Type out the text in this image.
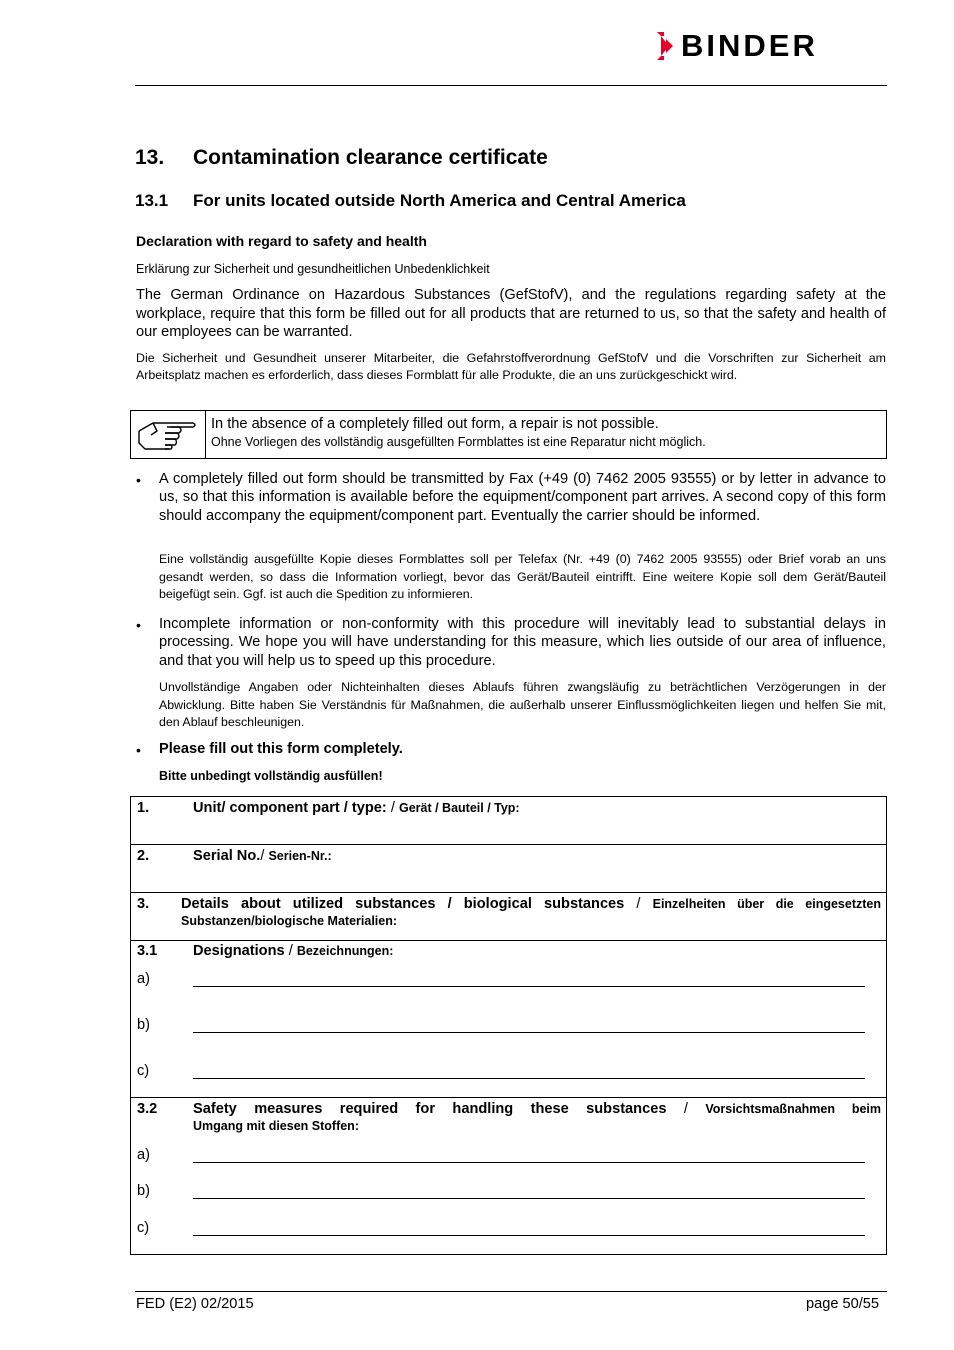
BINDER
13. Contamination clearance certificate
13.1 For units located outside North America and Central America
Declaration with regard to safety and health
Erklärung zur Sicherheit und gesundheitlichen Unbedenklichkeit
The German Ordinance on Hazardous Substances (GefStofV), and the regulations regarding safety at the workplace, require that this form be filled out for all products that are returned to us, so that the safety and health of our employees can be warranted.
Die Sicherheit und Gesundheit unserer Mitarbeiter, die Gefahrstoffverordnung GefStofV und die Vorschriften zur Sicherheit am Arbeitsplatz machen es erforderlich, dass dieses Formblatt für alle Produkte, die an uns zurückgeschickt wird.
In the absence of a completely filled out form, a repair is not possible.
Ohne Vorliegen des vollständig ausgefüllten Formblattes ist eine Reparatur nicht möglich.
• A completely filled out form should be transmitted by Fax (+49 (0) 7462 2005 93555) or by letter in advance to us, so that this information is available before the equipment/component part arrives. A second copy of this form should accompany the equipment/component part. Eventually the carrier should be informed.
Eine vollständig ausgefüllte Kopie dieses Formblattes soll per Telefax (Nr. +49 (0) 7462 2005 93555) oder Brief vorab an uns gesandt werden, so dass die Information vorliegt, bevor das Gerät/Bauteil eintrifft. Eine weitere Kopie soll dem Gerät/Bauteil beigefügt sein. Ggf. ist auch die Spedition zu informieren.
• Incomplete information or non-conformity with this procedure will inevitably lead to substantial delays in processing. We hope you will have understanding for this measure, which lies outside of our area of influence, and that you will help us to speed up this procedure.
Unvollständige Angaben oder Nichteinhalten dieses Ablaufs führen zwangsläufig zu beträchtlichen Verzögerungen in der Abwicklung. Bitte haben Sie Verständnis für Maßnahmen, die außerhalb unserer Einflussmöglichkeiten liegen und helfen Sie mit, den Ablauf beschleunigen.
• Please fill out this form completely.
Bitte unbedingt vollständig ausfüllen!
1.	Unit/ component part / type: / Gerät / Bauteil / Typ:
2.	Serial No./ Serien-Nr.:
3. Details about utilized substances / biological substances / Einzelheiten über die eingesetzten
Substanzen/biologische Materialien:
3.1 Designations / Bezeichnungen:
a)
b)
c)
3.2 Safety measures required for handling these substances / Vorsichtsmaßnahmen beim
Umgang mit diesen Stoffen:
a)
b)
c)
FED (E2) 02/2015	page 50/55
